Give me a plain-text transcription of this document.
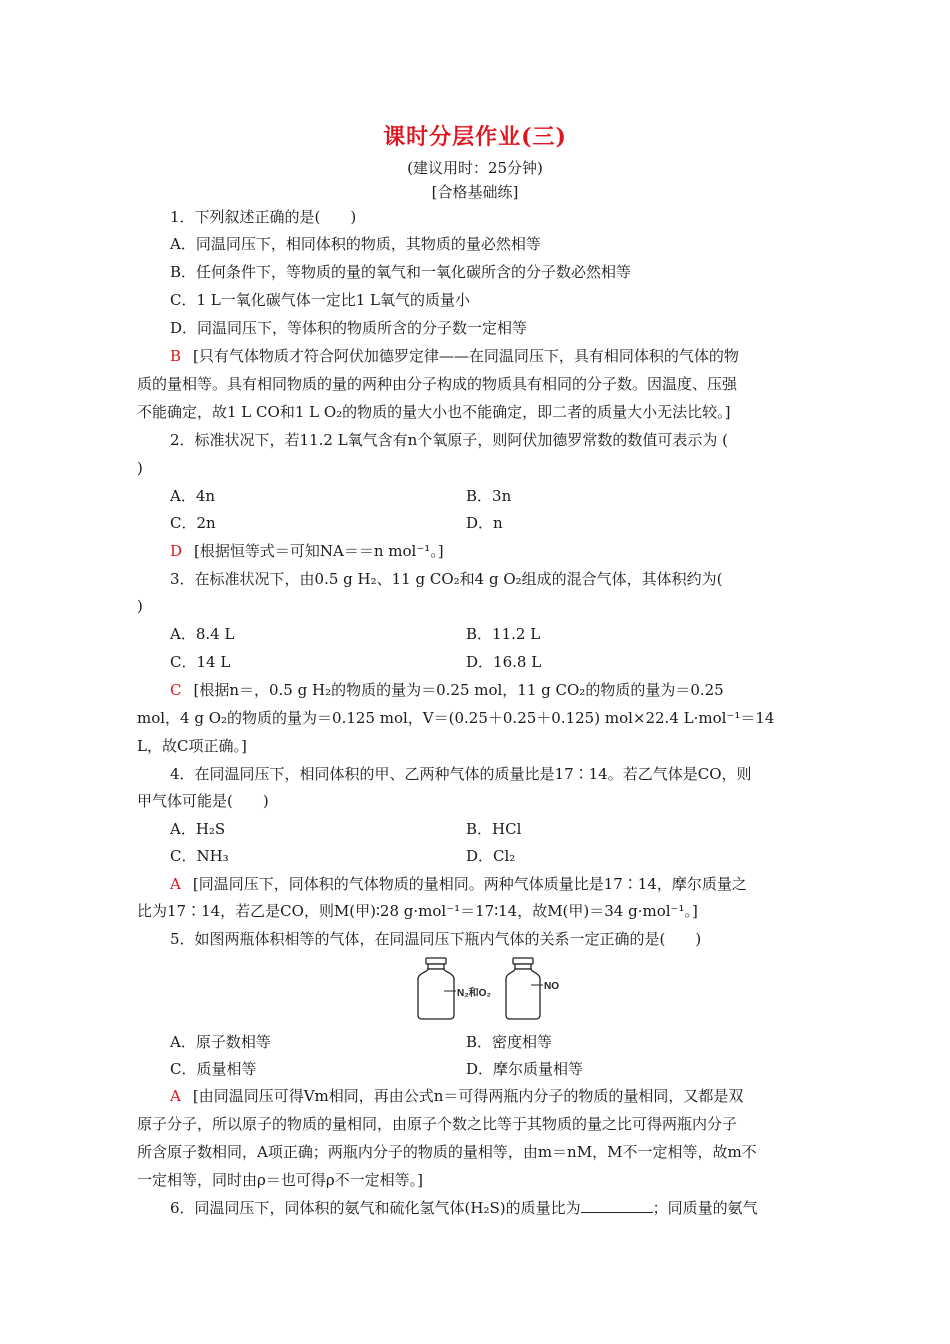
课时分层作业(三)
(建议用时：25分钟)
[合格基础练]
1．下列叙述正确的是(　　)
A．同温同压下，相同体积的物质，其物质的量必然相等
B．任何条件下，等物质的量的氧气和一氧化碳所含的分子数必然相等
C．1 L一氧化碳气体一定比1 L氧气的质量小
D．同温同压下，等体积的物质所含的分子数一定相等
B [只有气体物质才符合阿伏加德罗定律——在同温同压下，具有相同体积的气体的物
质的量相等。具有相同物质的量的两种由分子构成的物质具有相同的分子数。因温度、压强
不能确定，故1 L CO和1 L O₂的物质的量大小也不能确定，即二者的质量大小无法比较。]
2．标准状况下，若11.2 L氧气含有n个氧原子，则阿伏加德罗常数的数值可表示为 (
)
A．4n	B．3n
C．2n	D．n
D [根据恒等式＝可知NA＝＝n mol⁻¹。]
3．在标准状况下，由0.5 g H₂、11 g CO₂和4 g O₂组成的混合气体，其体积约为(
)
A．8.4 L	B．11.2 L
C．14 L	D．16.8 L
C [根据n＝，0.5 g H₂的物质的量为＝0.25 mol，11 g CO₂的物质的量为＝0.25
mol，4 g O₂的物质的量为＝0.125 mol，V＝(0.25＋0.25＋0.125) mol×22.4 L·mol⁻¹＝14
L，故C项正确。]
4．在同温同压下，相同体积的甲、乙两种气体的质量比是17∶14。若乙气体是CO，则
甲气体可能是(　　)
A．H₂S	B．HCl
C．NH₃	D．Cl₂
A [同温同压下，同体积的气体物质的量相同。两种气体质量比是17∶14，摩尔质量之
比为17∶14，若乙是CO，则M(甲)∶28 g·mol⁻¹＝17∶14，故M(甲)＝34 g·mol⁻¹。]
5．如图两瓶体积相等的气体，在同温同压下瓶内气体的关系一定正确的是(　　)
N₂和O₂
NO
A．原子数相等	B．密度相等
C．质量相等	D．摩尔质量相等
A [由同温同压可得Vm相同，再由公式n＝可得两瓶内分子的物质的量相同，又都是双
原子分子，所以原子的物质的量相同，由原子个数之比等于其物质的量之比可得两瓶内分子
所含原子数相同，A项正确；两瓶内分子的物质的量相等，由m＝nM，M不一定相等，故m不
一定相等，同时由ρ＝也可得ρ不一定相等。]
6．同温同压下，同体积的氨气和硫化氢气体(H₂S)的质量比为	；同质量的氨气
